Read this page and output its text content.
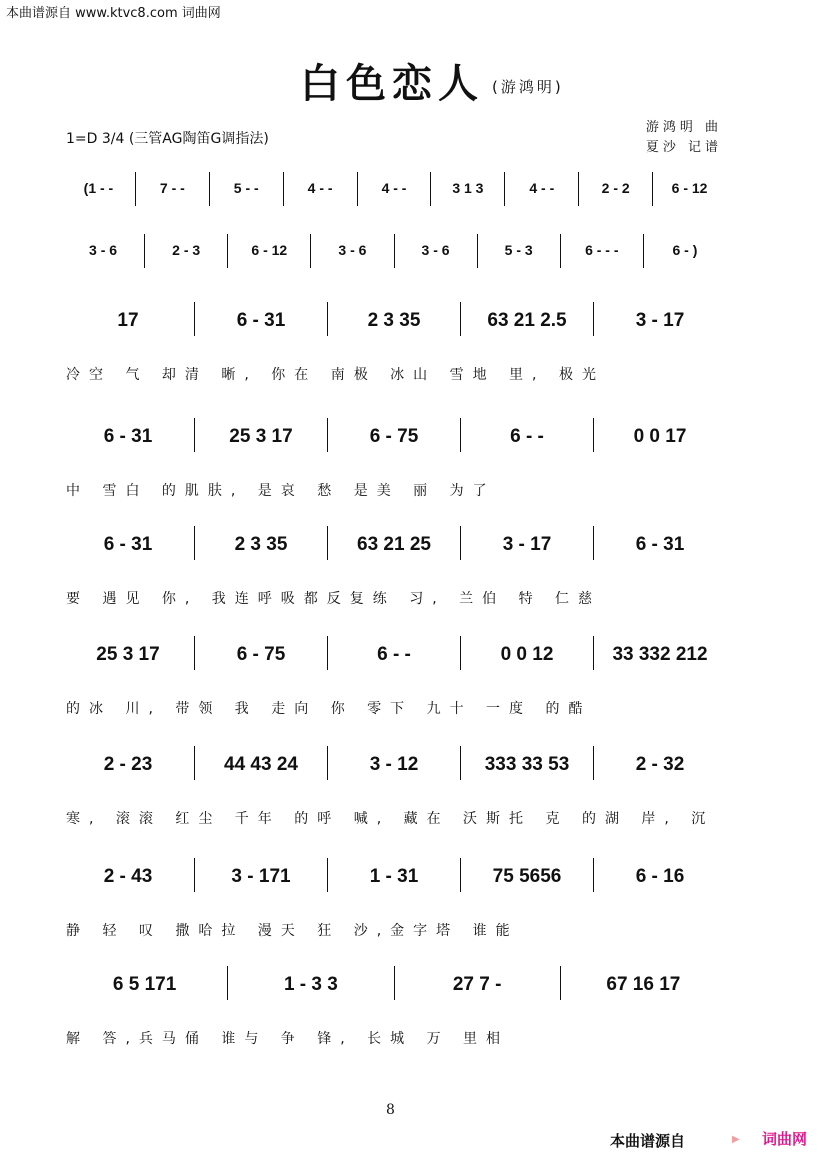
本曲谱源自 www.ktvc8.com 词曲网
白色恋人 (游鸿明)
1=D 3/4 (三管AG陶笛G调指法)
游鸿明 曲
夏沙 记谱
(1 - -	7 - -	5 - -	4 - -	4 - -	3 1 3	4 - -	2 - 2	6 - 12
3 - 6	2 - 3	6 - 12	3 - 6	3 - 6	5 - 3	6 - - -	6 - )
17	6 - 31	2 3 35	63 21 2.5	3 - 17
冷空 气 却清 晰, 你在 南极 冰山 雪地 里, 极光
6 - 31	25 3 17	6 - 75	6 - -	0 0 17
中 雪白 的肌肤, 是哀 愁 是美 丽 为了
6 - 31	2 3 35	63 21 25	3 - 17	6 - 31
要 遇见 你, 我连呼吸都反复练 习, 兰伯 特 仁慈
25 3 17	6 - 75	6 - -	0 0 12	33 332 212
的冰 川, 带领 我 走向 你 零下 九十 一度 的酷
2 - 23	44 43 24	3 - 12	333 33 53	2 - 32
寒, 滚滚 红尘 千年 的呼 喊, 藏在 沃斯托 克 的湖 岸, 沉
2 - 43	3 - 171	1 - 31	75 5656	6 - 16
静 轻 叹 撒哈拉 漫天 狂 沙,金字塔 谁能
6 5 171	1 - 3 3	27 7 -	67 16 17
解 答,兵马俑 谁与 争 锋, 长城 万 里相
8
本曲谱源自	▶ 词曲网
